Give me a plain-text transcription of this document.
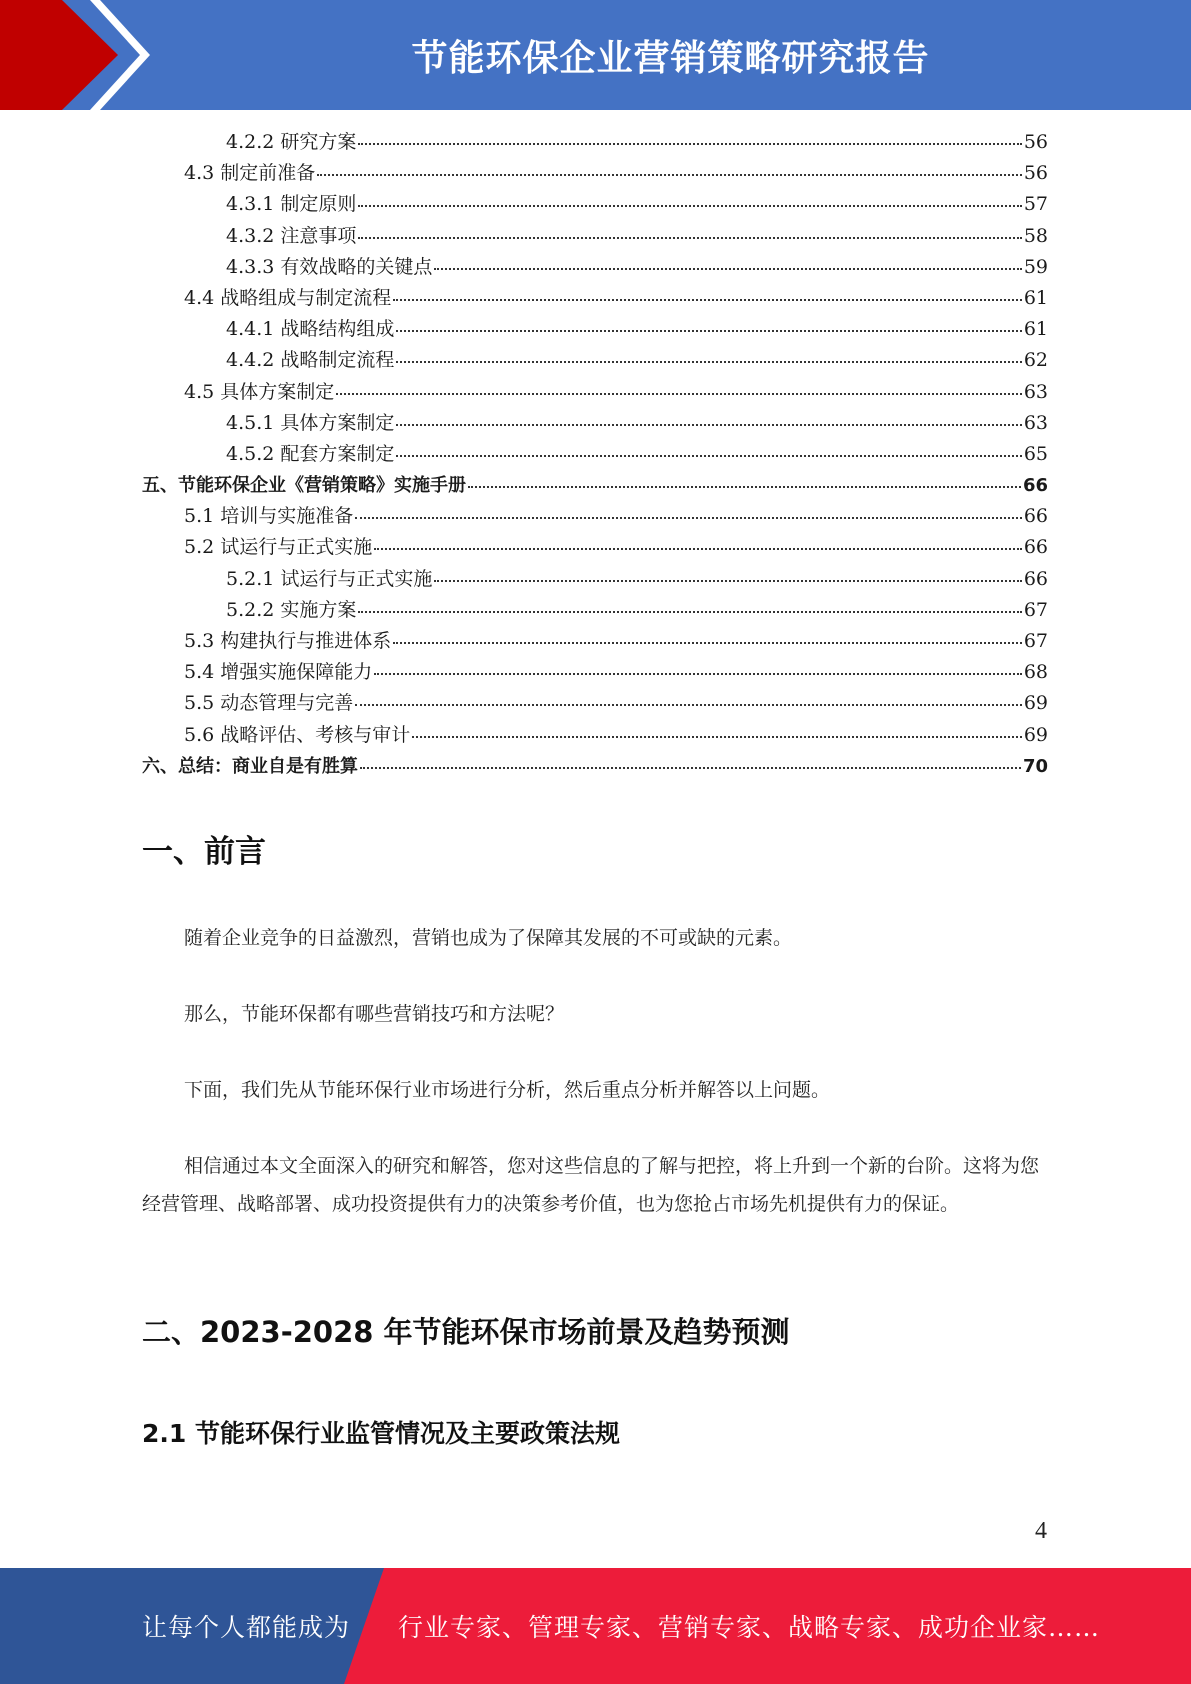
节能环保企业营销策略研究报告
4.2.2 研究方案	56
4.3 制定前准备	56
4.3.1 制定原则	57
4.3.2 注意事项	58
4.3.3 有效战略的关键点	59
4.4 战略组成与制定流程	61
4.4.1 战略结构组成	61
4.4.2 战略制定流程	62
4.5 具体方案制定	63
4.5.1 具体方案制定	63
4.5.2 配套方案制定	65
五、节能环保企业《营销策略》实施手册	66
5.1 培训与实施准备	66
5.2 试运行与正式实施	66
5.2.1 试运行与正式实施	66
5.2.2 实施方案	67
5.3 构建执行与推进体系	67
5.4 增强实施保障能力	68
5.5 动态管理与完善	69
5.6 战略评估、考核与审计	69
六、总结：商业自是有胜算	70
一、前言
随着企业竞争的日益激烈，营销也成为了保障其发展的不可或缺的元素。
那么，节能环保都有哪些营销技巧和方法呢？
下面，我们先从节能环保行业市场进行分析，然后重点分析并解答以上问题。
相信通过本文全面深入的研究和解答，您对这些信息的了解与把控，将上升到一个新的台阶。这将为您经营管理、战略部署、成功投资提供有力的决策参考价值，也为您抢占市场先机提供有力的保证。
二、2023-2028 年节能环保市场前景及趋势预测
2.1 节能环保行业监管情况及主要政策法规
4
让每个人都能成为 行业专家、管理专家、营销专家、战略专家、成功企业家……
